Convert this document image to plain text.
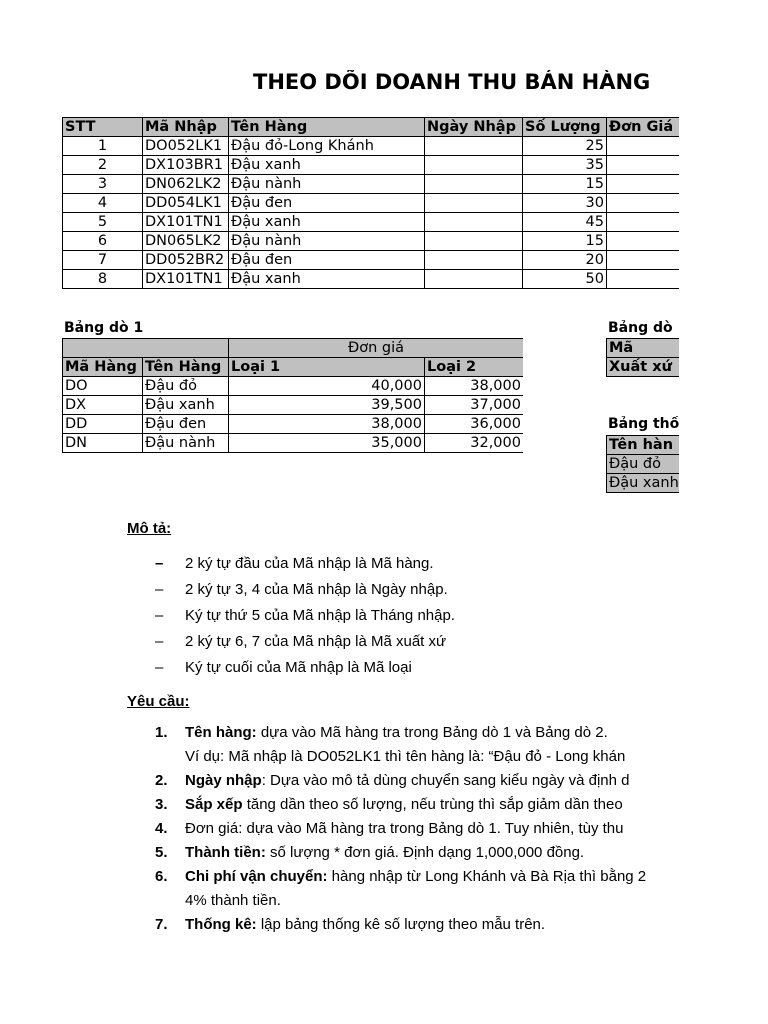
THEO DÕI DOANH THU BÁN HÀNG
STT	Mã Nhập	Tên Hàng	Ngày Nhập	Số Lượng	Đơn Giá
1	DO052LK1	Đậu đỏ-Long Khánh		25	
2	DX103BR1	Đậu xanh		35	
3	DN062LK2	Đậu nành		15	
4	DD054LK1	Đậu đen		30	
5	DX101TN1	Đậu xanh		45	
6	DN065LK2	Đậu nành		15	
7	DD052BR2	Đậu đen		20	
8	DX101TN1	Đậu xanh		50	
Bảng dò 1
		Đơn giá	
Mã Hàng	Tên Hàng	Loại 1	Loại 2
DO	Đậu đỏ	40,000	38,000
DX	Đậu xanh	39,500	37,000
DD	Đậu đen	38,000	36,000
DN	Đậu nành	35,000	32,000
Bảng dò
Mã
Xuất xứ
Bảng thố
Tên hàn
Đậu đỏ
Đậu xanh
Mô tả:
– 2 ký tự đầu của Mã nhập là Mã hàng.
– 2 ký tự 3, 4 của Mã nhập là Ngày nhập.
– Ký tự thứ 5 của Mã nhập là Tháng nhập.
– 2 ký tự 6, 7 của Mã nhập là Mã xuất xứ
– Ký tự cuối của Mã nhập là Mã loại
Yêu cầu:
1. Tên hàng: dựa vào Mã hàng tra trong Bảng dò 1 và Bảng dò 2.
Ví dụ: Mã nhập là DO052LK1 thì tên hàng là: “Đậu đỏ - Long khán
2. Ngày nhập: Dựa vào mô tả dùng chuyển sang kiểu ngày và định d
3. Sắp xếp tăng dần theo số lượng, nếu trùng thì sắp giảm dần theo
4. Đơn giá: dựa vào Mã hàng tra trong Bảng dò 1. Tuy nhiên, tùy thu
5. Thành tiền: số lượng * đơn giá. Định dạng 1,000,000 đồng.
6. Chi phí vận chuyển: hàng nhập từ Long Khánh và Bà Rịa thì bằng 2
4% thành tiền.
7. Thống kê: lập bảng thống kê số lượng theo mẫu trên.
